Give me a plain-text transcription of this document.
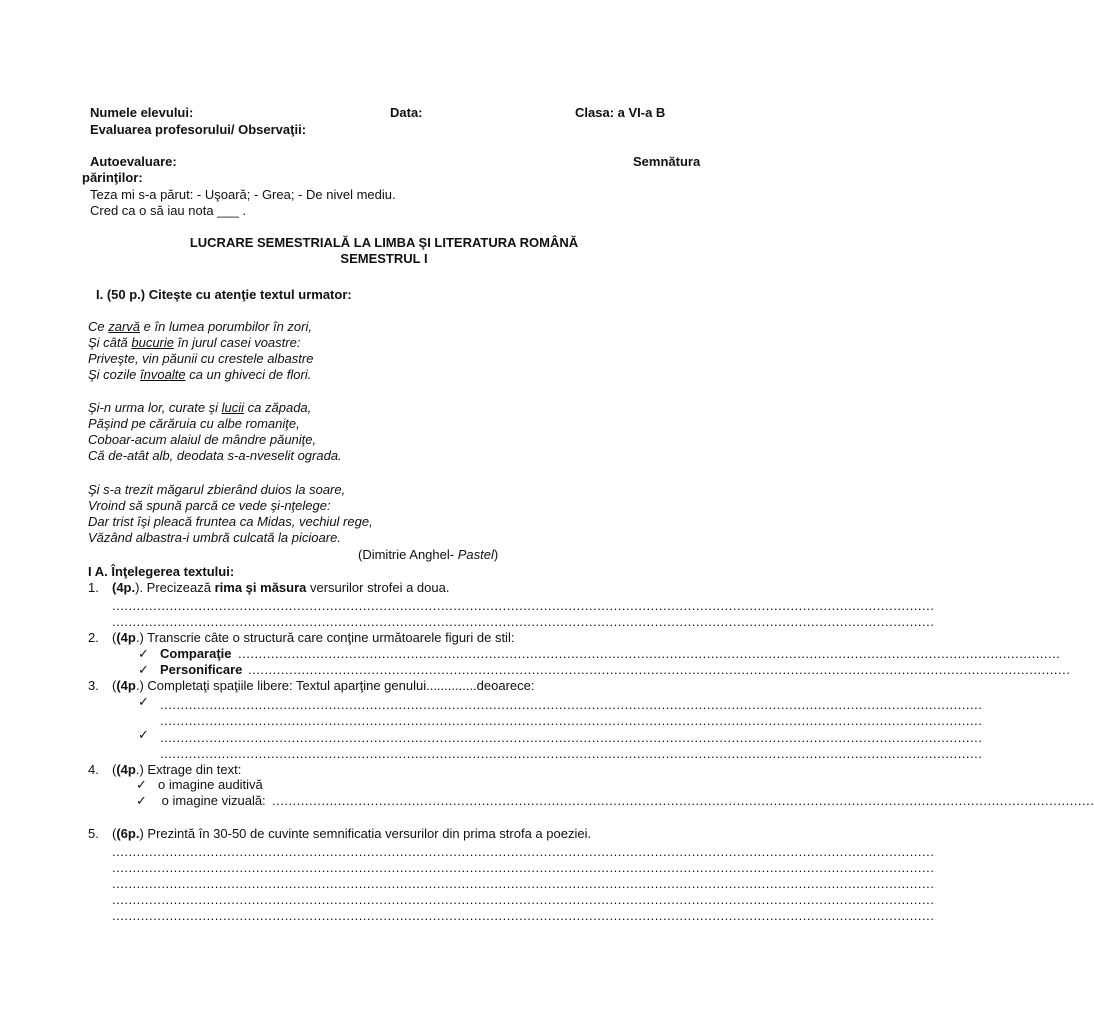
Numele elevului:	Data:	Clasa: a VI-a B
Evaluarea profesorului/ Observaţii:
Autoevaluare:	Semnătura
părinţilor:
Teza mi s-a părut: - Uşoară; - Grea; - De nivel mediu.
Cred ca o să iau nota ___ .
LUCRARE SEMESTRIALĂ LA LIMBA ŞI LITERATURA ROMÂNĂ
SEMESTRUL I
I. (50 p.) Citeşte cu atenţie textul urmator:
Ce zarvă e în lumea porumbilor în zori,
Şi câtă bucurie în jurul casei voastre:
Priveşte, vin păunii cu crestele albastre
Şi cozile învoalte ca un ghiveci de flori.
Şi-n urma lor, curate şi lucii ca zăpada,
Păşind pe cărăruia cu albe romaniţe,
Coboar-acum alaiul de mândre păuniţe,
Că de-atât alb, deodata s-a-nveselit ograda.
Şi s-a trezit măgarul zbierând duios la soare,
Vroind să spună parcă ce vede şi-nţelege:
Dar trist îşi pleacă fruntea ca Midas, vechiul rege,
Văzând albastra-i umbră culcată la picioare.
(Dimitrie Anghel- Pastel)
I A. Înţelegerea textului:
1. (4p.). Precizează rima şi măsura versurilor strofei a doua.
........................................................................................................................................................................................................
........................................................................................................................................................................................................
2. ((4p.) Transcrie câte o structură care conţine următoarele figuri de stil:
✓ Comparaţie ........................................................................................................................................................................................................
✓ Personificare ........................................................................................................................................................................................................
3. ((4p.) Completaţi spaţiile libere: Textul aparţine genului..............deoarece:
✓ ........................................................................................................................................................................................................
........................................................................................................................................................................................................
✓ ........................................................................................................................................................................................................
........................................................................................................................................................................................................
4. ((4p.) Extrage din text:
✓ o imagine auditivă
✓ o imagine vizuală: ........................................................................................................................................................................................................
5. ((6p.) Prezintă în 30-50 de cuvinte semnificatia versurilor din prima strofa a poeziei.
........................................................................................................................................................................................................
........................................................................................................................................................................................................
........................................................................................................................................................................................................
........................................................................................................................................................................................................
........................................................................................................................................................................................................
